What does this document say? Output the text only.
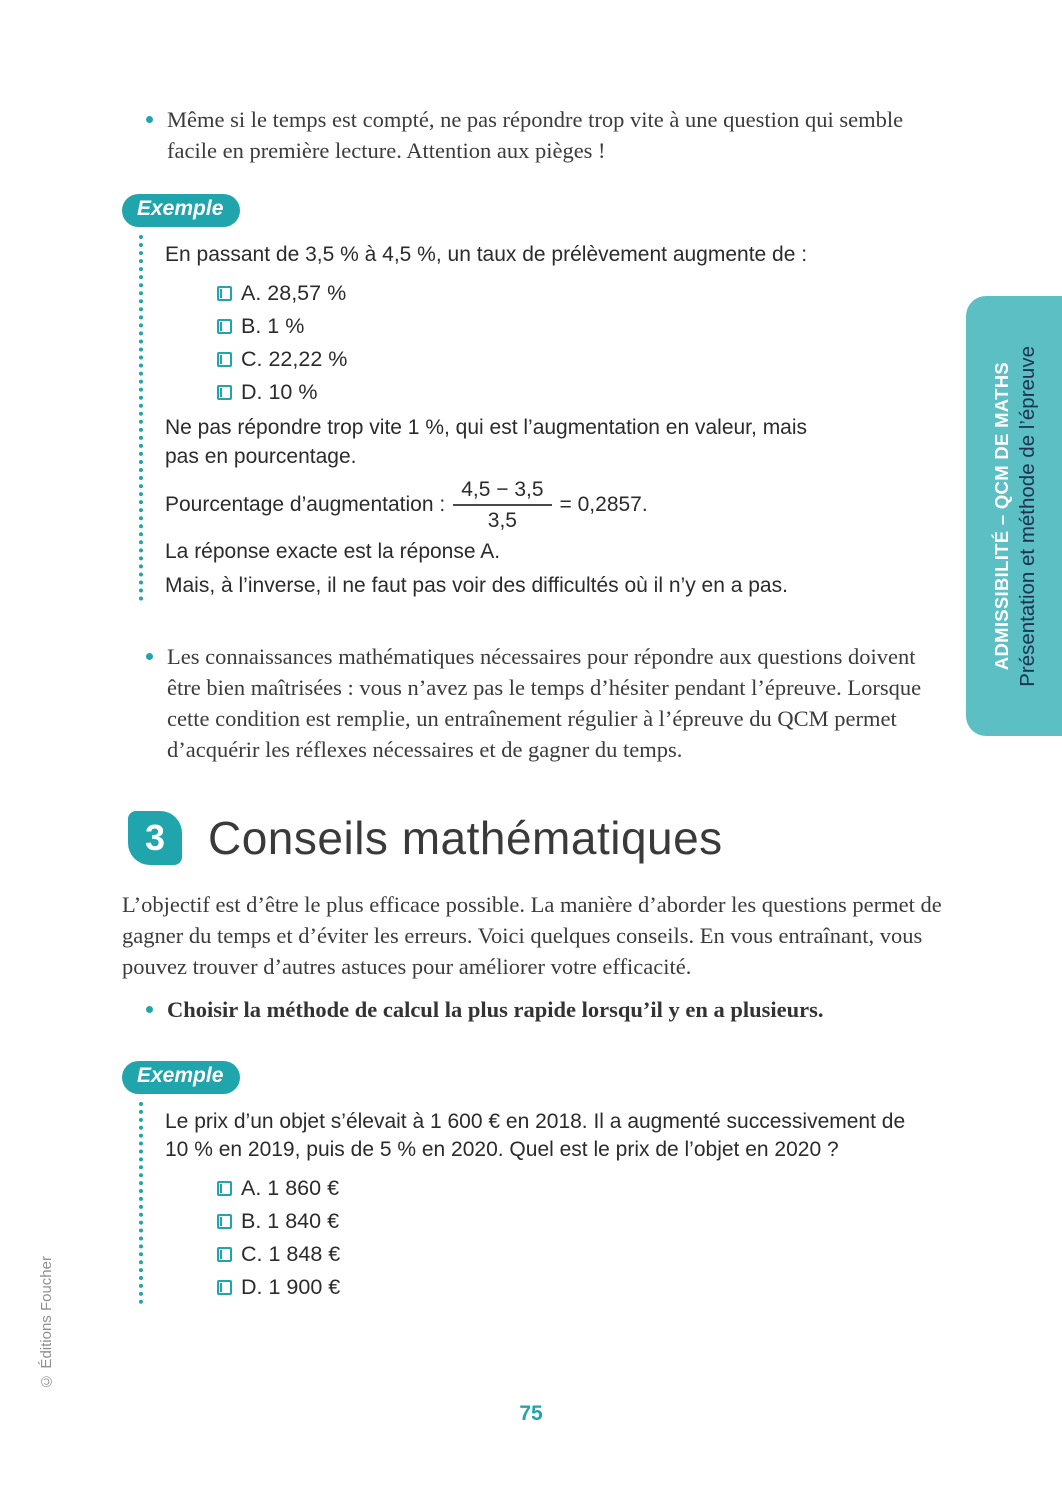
Même si le temps est compté, ne pas répondre trop vite à une question qui semble facile en première lecture. Attention aux pièges !
Exemple
En passant de 3,5 % à 4,5 %, un taux de prélèvement augmente de :
A. 28,57 %
B. 1 %
C. 22,22 %
D. 10 %
Ne pas répondre trop vite 1 %, qui est l’augmentation en valeur, mais pas en pourcentage.
Pourcentage d’augmentation : $\frac{4,5 - 3,5}{3,5} = 0,2857$.
La réponse exacte est la réponse A.
Mais, à l’inverse, il ne faut pas voir des difficultés où il n’y en a pas.
Les connaissances mathématiques nécessaires pour répondre aux questions doivent être bien maîtrisées : vous n’avez pas le temps d’hésiter pendant l’épreuve. Lorsque cette condition est remplie, un entraînement régulier à l’épreuve du QCM permet d’acquérir les réflexes nécessaires et de gagner du temps.
3 Conseils mathématiques
L’objectif est d’être le plus efficace possible. La manière d’aborder les questions permet de gagner du temps et d’éviter les erreurs. Voici quelques conseils. En vous entraînant, vous pouvez trouver d’autres astuces pour améliorer votre efficacité.
Choisir la méthode de calcul la plus rapide lorsqu’il y en a plusieurs.
Exemple
Le prix d’un objet s’élevait à 1 600 € en 2018. Il a augmenté successivement de 10 % en 2019, puis de 5 % en 2020. Quel est le prix de l’objet en 2020 ?
A. 1 860 €
B. 1 840 €
C. 1 848 €
D. 1 900 €
ADMISSIBILITÉ – QCM DE MATHS Présentation et méthode de l’épreuve
© Éditions Foucher
75
